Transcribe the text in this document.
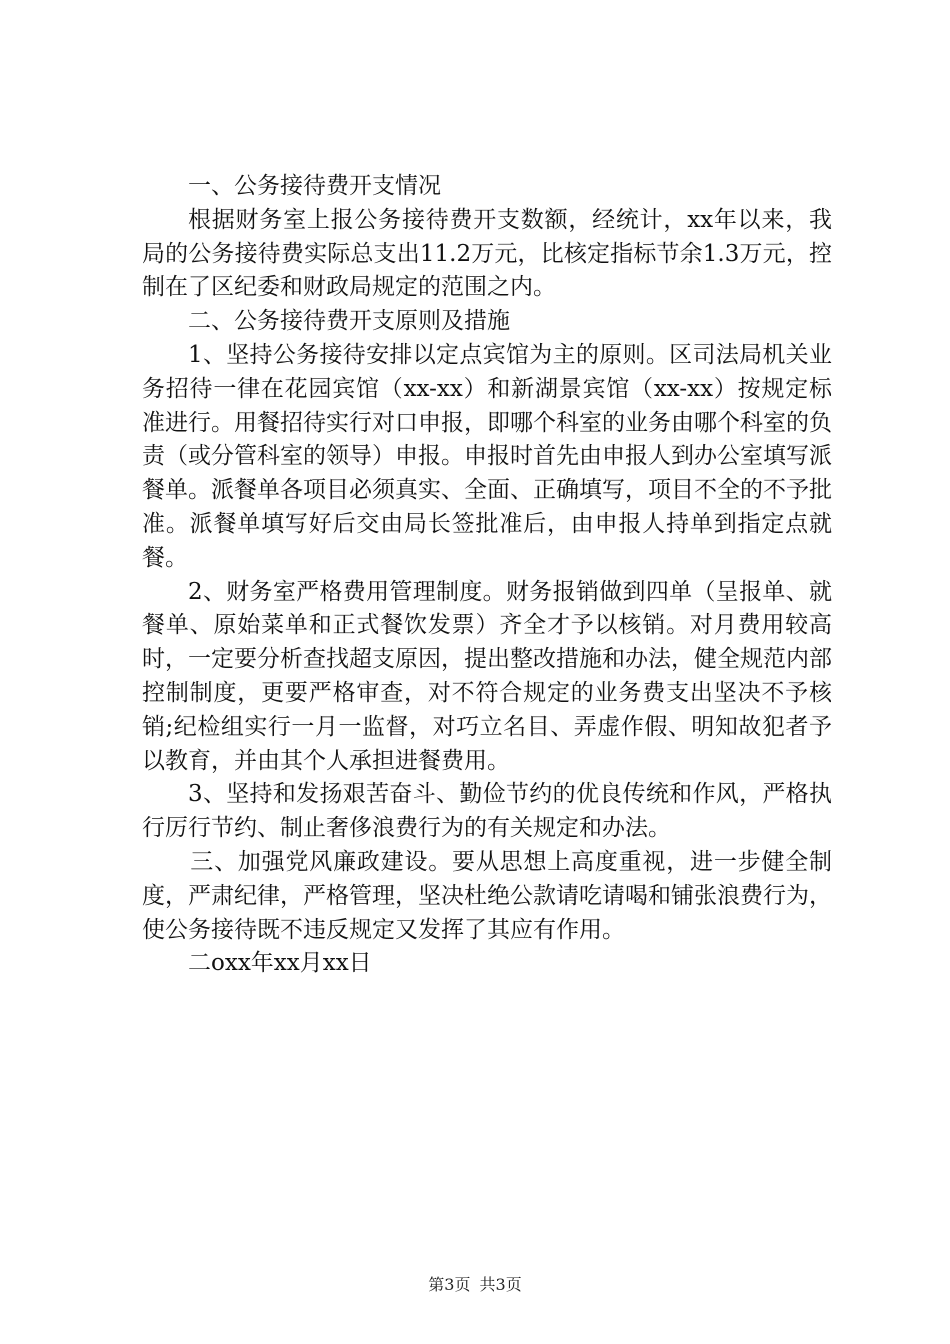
一、公务接待费开支情况

根据财务室上报公务接待费开支数额，经统计，xx年以来，我局的公务接待费实际总支出11.2万元，比核定指标节余1.3万元，控制在了区纪委和财政局规定的范围之内。

二、公务接待费开支原则及措施

1、坚持公务接待安排以定点宾馆为主的原则。区司法局机关业务招待一律在花园宾馆（xx-xx）和新湖景宾馆（xx-xx）按规定标准进行。用餐招待实行对口申报，即哪个科室的业务由哪个科室的负责（或分管科室的领导）申报。申报时首先由申报人到办公室填写派餐单。派餐单各项目必须真实、全面、正确填写，项目不全的不予批准。派餐单填写好后交由局长签批准后，由申报人持单到指定点就餐。

2、财务室严格费用管理制度。财务报销做到四单（呈报单、就餐单、原始菜单和正式餐饮发票）齐全才予以核销。对月费用较高时，一定要分析查找超支原因，提出整改措施和办法，健全规范内部控制制度，更要严格审查，对不符合规定的业务费支出坚决不予核销;纪检组实行一月一监督，对巧立名目、弄虚作假、明知故犯者予以教育，并由其个人承担进餐费用。

3、坚持和发扬艰苦奋斗、勤俭节约的优良传统和作风，严格执行厉行节约、制止奢侈浪费行为的有关规定和办法。

三、加强党风廉政建设。要从思想上高度重视，进一步健全制度，严肃纪律，严格管理，坚决杜绝公款请吃请喝和铺张浪费行为，使公务接待既不违反规定又发挥了其应有作用。

二oxx年xx月xx日

第3页 共3页
